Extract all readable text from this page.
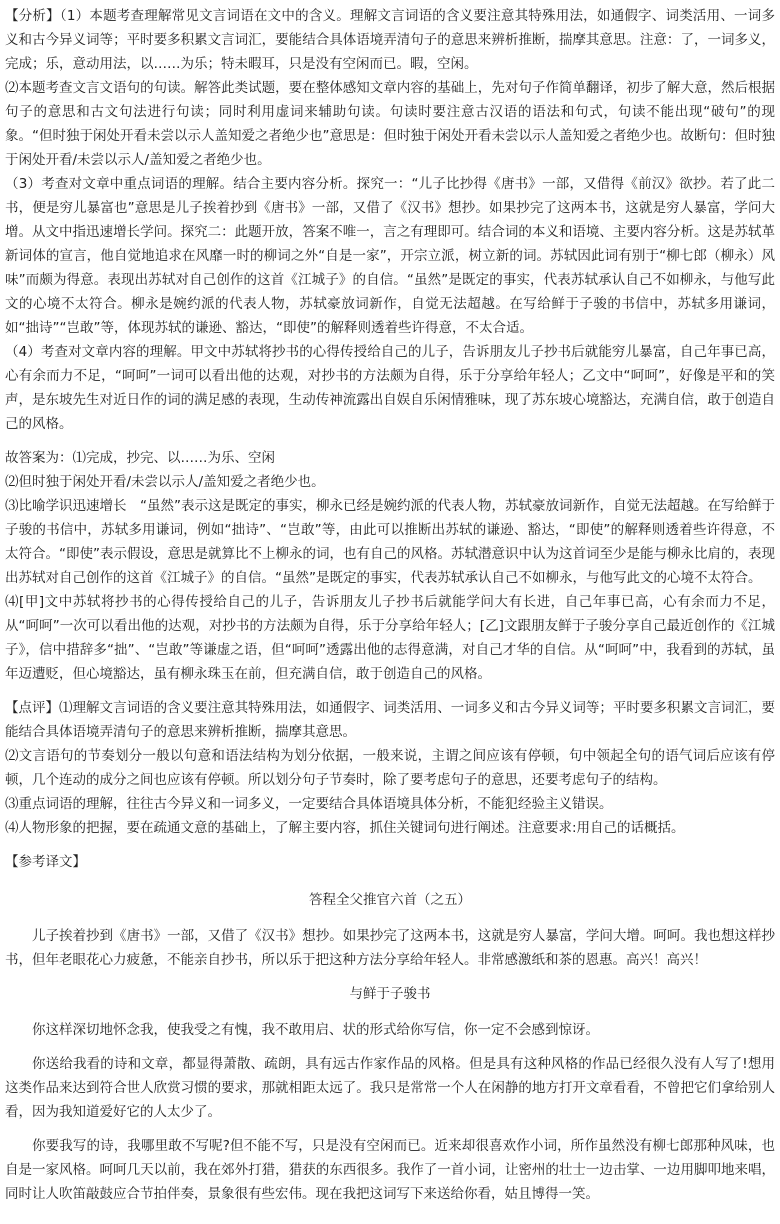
【分析】（1）本题考查理解常见文言词语在文中的含义。理解文言词语的含义要注意其特殊用法，如通假字、词类活用、一词多义和古今异义词等；平时要多积累文言词汇，要能结合具体语境弄清句子的意思来辨析推断，揣摩其意思。注意：了，一词多义，完成；乐，意动用法，以……为乐；特未暇耳，只是没有空闲而已。暇，空闲。

⑵本题考查文言文语句的句读。解答此类试题，要在整体感知文章内容的基础上，先对句子作简单翻译，初步了解大意，然后根据句子的意思和古文句法进行句读；同时利用虚词来辅助句读。句读时要注意古汉语的语法和句式，句读不能出现“破句”的现象。“但时独于闲处开看未尝以示人盖知爱之者绝少也”意思是：但时独于闲处开看未尝以示人盖知爱之者绝少也。故断句：但时独于闲处开看/未尝以示人/盖知爱之者绝少也。

（3）考查对文章中重点词语的理解。结合主要内容分析。探究一：“儿子比抄得《唐书》一部，又借得《前汉》欲抄。若了此二书，便是穷儿暴富也”意思是儿子挨着抄到《唐书》一部，又借了《汉书》想抄。如果抄完了这两本书，这就是穷人暴富，学问大增。从文中指迅速增长学问。探究二：此题开放，答案不唯一，言之有理即可。结合词的本义和语境、主要内容分析。这是苏轼革新词体的宣言，他自觉地追求在风靡一时的柳词之外“自是一家”，开宗立派，树立新的词。苏轼因此词有别于“柳七郎（柳永）风味”而颇为得意。表现出苏轼对自己创作的这首《江城子》的自信。“虽然”是既定的事实，代表苏轼承认自己不如柳永，与他写此文的心境不太符合。柳永是婉约派的代表人物，苏轼豪放词新作，自觉无法超越。在写给鲜于子骏的书信中，苏轼多用谦词，如“拙诗”“岂敢”等，体现苏轼的谦逊、豁达，“即使”的解释则透着些许得意，不太合适。

（4）考查对文章内容的理解。甲文中苏轼将抄书的心得传授给自己的儿子，告诉朋友儿子抄书后就能穷儿暴富，自己年事已高，心有余而力不足，“呵呵”一词可以看出他的达观，对抄书的方法颇为自得，乐于分享给年轻人；乙文中“呵呵”，好像是平和的笑声，是东坡先生对近日作的词的满足感的表现，生动传神流露出自娱自乐闲情雅味，现了苏东坡心境豁达，充满自信，敢于创造自己的风格。

故答案为：⑴完成，抄完、以……为乐、空闲

⑵但时独于闲处开看/未尝以示人/盖知爱之者绝少也。

⑶比喻学识迅速增长　“虽然”表示这是既定的事实，柳永已经是婉约派的代表人物，苏轼豪放词新作，自觉无法超越。在写给鲜于子骏的书信中，苏轼多用谦词，例如“拙诗”、“岂敢”等，由此可以推断出苏轼的谦逊、豁达，“即使”的解释则透着些许得意，不太符合。“即使”表示假设，意思是就算比不上柳永的词，也有自己的风格。苏轼潜意识中认为这首词至少是能与柳永比肩的，表现出苏轼对自己创作的这首《江城子》的自信。“虽然”是既定的事实，代表苏轼承认自己不如柳永，与他写此文的心境不太符合。

⑷[甲]文中苏轼将抄书的心得传授给自己的儿子，告诉朋友儿子抄书后就能学问大有长进，自己年事已高，心有余而力不足，从“呵呵”一次可以看出他的达观，对抄书的方法颇为自得，乐于分享给年轻人；[乙]文跟朋友鲜于子骏分享自己最近创作的《江城子》，信中措辞多“拙”、“岂敢”等谦虚之语，但“呵呵”透露出他的志得意满，对自己才华的自信。从“呵呵”中，我看到的苏轼，虽年迈遭贬，但心境豁达，虽有柳永珠玉在前，但充满自信，敢于创造自己的风格。

【点评】⑴理解文言词语的含义要注意其特殊用法，如通假字、词类活用、一词多义和古今异义词等；平时要多积累文言词汇，要能结合具体语境弄清句子的意思来辨析推断，揣摩其意思。

⑵文言语句的节奏划分一般以句意和语法结构为划分依据，一般来说，主谓之间应该有停顿，句中领起全句的语气词后应该有停顿，几个连动的成分之间也应该有停顿。所以划分句子节奏时，除了要考虑句子的意思，还要考虑句子的结构。

⑶重点词语的理解，往往古今异义和一词多义，一定要结合具体语境具体分析，不能犯经验主义错误。

⑷人物形象的把握，要在疏通文意的基础上，了解主要内容，抓住关键词句进行阐述。注意要求:用自己的话概括。

【参考译文】
答程全父推官六首（之五）

儿子挨着抄到《唐书》一部，又借了《汉书》想抄。如果抄完了这两本书，这就是穷人暴富，学问大增。呵呵。我也想这样抄书，但年老眼花心力疲惫，不能亲自抄书，所以乐于把这种方法分享给年轻人。非常感激纸和茶的恩惠。高兴！高兴！

与鲜于子骏书

你这样深切地怀念我，使我受之有愧，我不敢用启、状的形式给你写信，你一定不会感到惊讶。

你送给我看的诗和文章，都显得萧散、疏朗，具有远古作家作品的风格。但是具有这种风格的作品已经很久没有人写了!想用这类作品来达到符合世人欣赏习惯的要求，那就相距太远了。我只是常常一个人在闲静的地方打开文章看看，不曾把它们拿给别人看，因为我知道爱好它的人太少了。

你要我写的诗，我哪里敢不写呢?但不能不写，只是没有空闲而已。近来却很喜欢作小词，所作虽然没有柳七郎那种风味，也自是一家风格。呵呵几天以前，我在郊外打猎，猎获的东西很多。我作了一首小词，让密州的壮士一边击掌、一边用脚叩地来唱，同时让人吹笛敲鼓应合节拍伴奏，景象很有些宏伟。现在我把这词写下来送给你看，姑且博得一笑。
